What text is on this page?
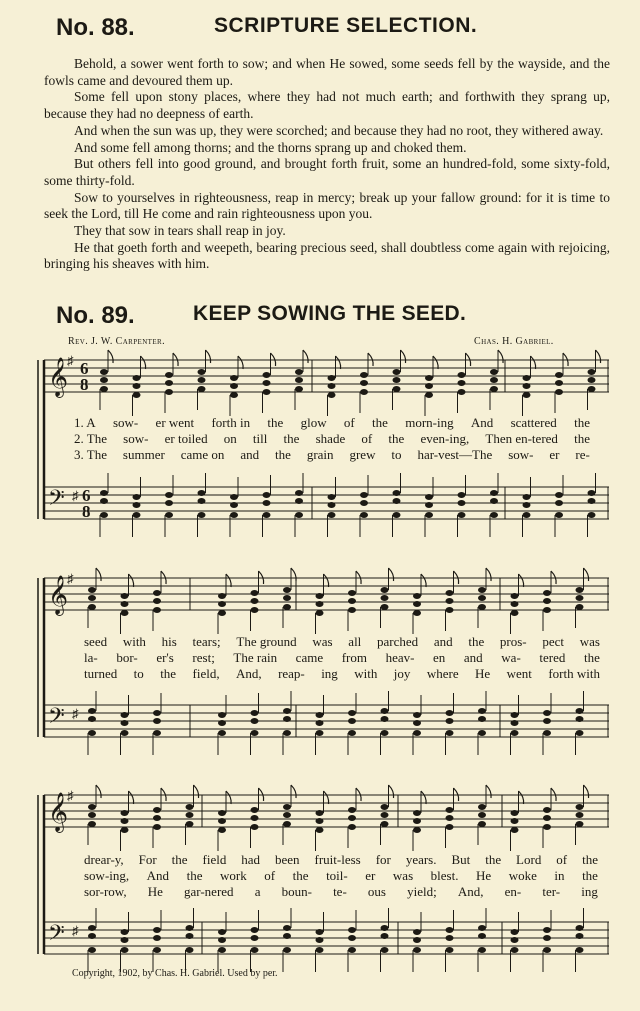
No. 88.	SCRIPTURE SELECTION.

Behold, a sower went forth to sow; and when He sowed, some seeds fell by the wayside, and the fowls came and devoured them up.

Some fell upon stony places, where they had not much earth; and forthwith they sprang up, because they had no deepness of earth.

And when the sun was up, they were scorched; and because they had no root, they withered away.

And some fell among thorns; and the thorns sprang up and choked them.

But others fell into good ground, and brought forth fruit, some an hundred-fold, some sixty-fold, some thirty-fold.

Sow to yourselves in righteousness, reap in mercy; break up your fallow ground: for it is time to seek the Lord, till He come and rain righteousness upon you.

They that sow in tears shall reap in joy.

He that goeth forth and weepeth, bearing precious seed, shall doubtless come again with rejoicing, bringing his sheaves with him.

No. 89.	KEEP SOWING THE SEED.
Rev. J. W. Carpenter.	Chas. H. Gabriel.
𝄞
𝄢
♯
♯
6
6
8
8
𝄞
𝄢
♯
♯
𝄞
𝄢
♯
♯
1. A sow- er went forth in the glow of the morn-ing And scattered the
2. The sow- er toiled on till the shade of the even-ing, Then en-tered the
3. The summer came on and the grain grew to har-vest—The sow- er re-
seed with his tears; The ground was all parched and the pros- pect was
la- bor- er's rest; The rain came from heav- en and wa- tered the
turned to the field, And, reap- ing with joy where He went forth with
drear-y, For the field had been fruit-less for years. But the Lord of the
sow-ing, And the work of the toil- er was blest. He woke in the
sor-row, He gar-nered a boun- te- ous yield; And, en- ter- ing
Copyright, 1902, by Chas. H. Gabriel. Used by per.
